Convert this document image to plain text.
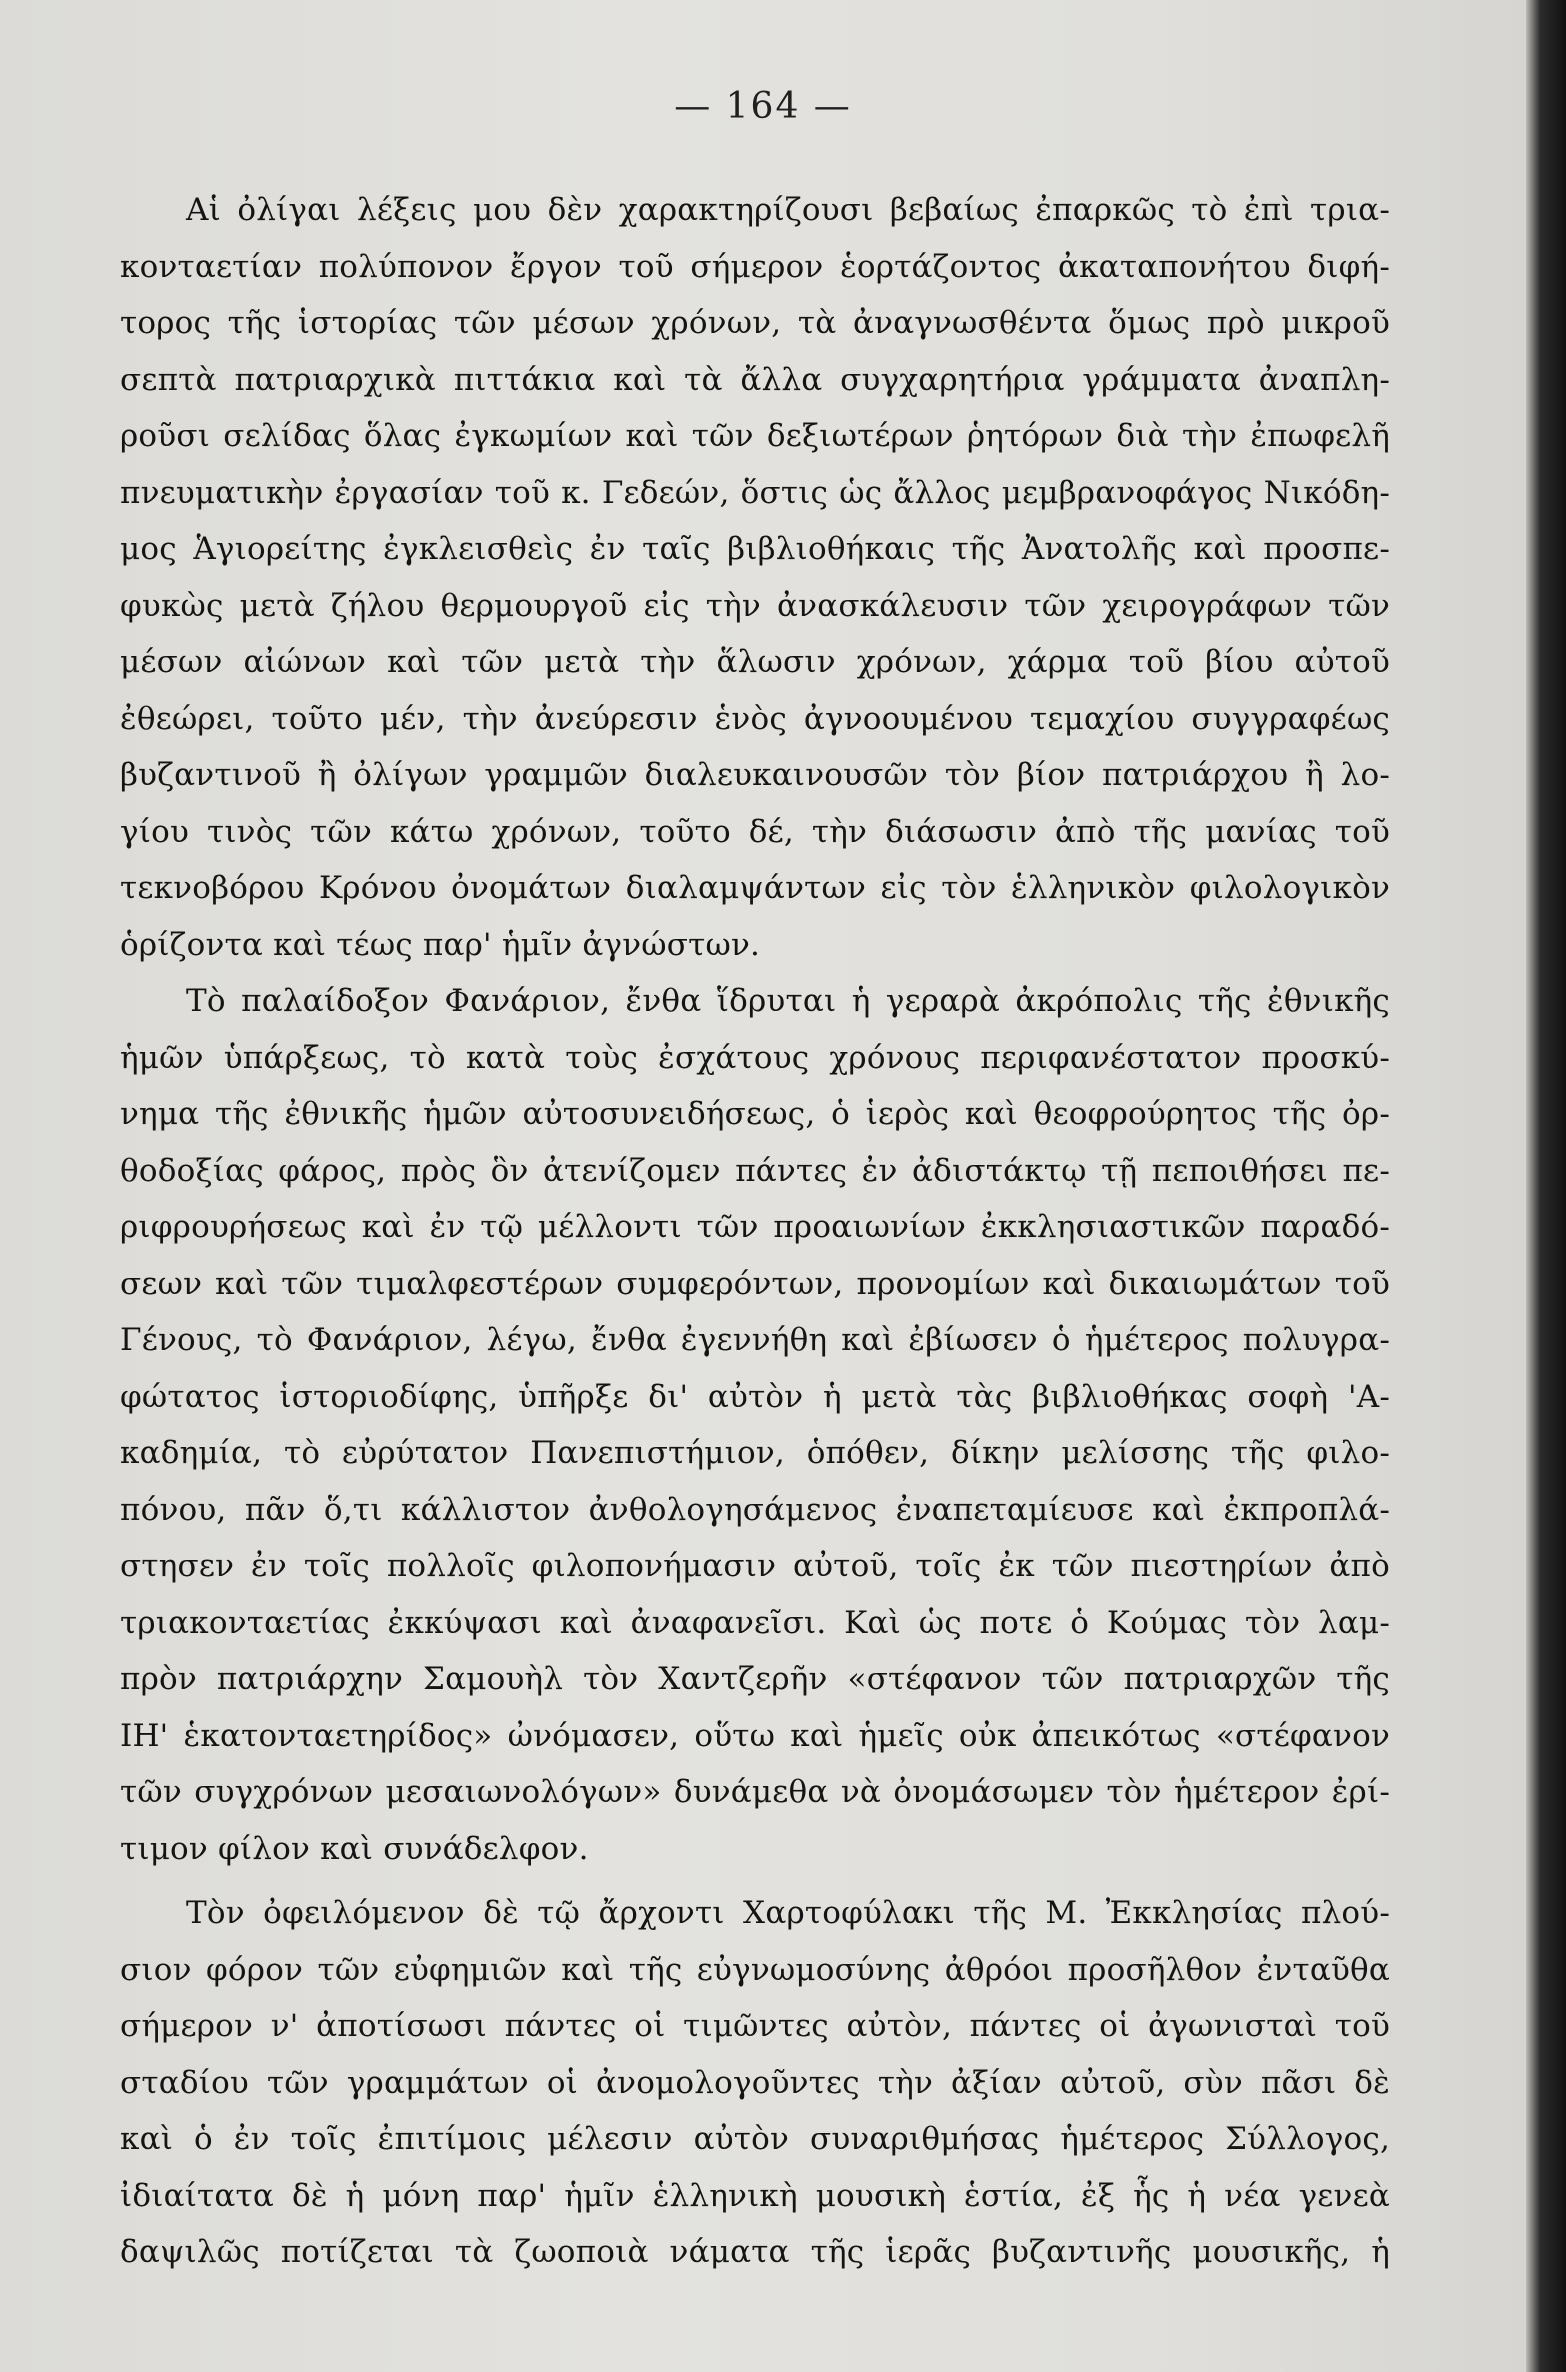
— 164 —
Αἱ ὀλίγαι λέξεις μου δὲν χαρακτηρίζουσι βεβαίως ἐπαρκῶς τὸ ἐπὶ τρια-
κονταετίαν πολύπονον ἔργον τοῦ σήμερον ἑορτάζοντος ἀκαταπονήτου διφή-
τορος τῆς ἱστορίας τῶν μέσων χρόνων, τὰ ἀναγνωσθέντα ὅμως πρὸ μικροῦ
σεπτὰ πατριαρχικὰ πιττάκια καὶ τὰ ἄλλα συγχαρητήρια γράμματα ἀναπλη-
ροῦσι σελίδας ὅλας ἐγκωμίων καὶ τῶν δεξιωτέρων ῥητόρων διὰ τὴν ἐπωφελῆ
πνευματικὴν ἐργασίαν τοῦ κ. Γεδεών, ὅστις ὡς ἄλλος μεμβρανοφάγος Νικόδη-
μος Ἁγιορείτης ἐγκλεισθεὶς ἐν ταῖς βιβλιοθήκαις τῆς Ἀνατολῆς καὶ προσπε-
φυκὼς μετὰ ζήλου θερμουργοῦ εἰς τὴν ἀνασκάλευσιν τῶν χειρογράφων τῶν
μέσων αἰώνων καὶ τῶν μετὰ τὴν ἅλωσιν χρόνων, χάρμα τοῦ βίου αὐτοῦ
ἐθεώρει, τοῦτο μέν, τὴν ἀνεύρεσιν ἑνὸς ἀγνοουμένου τεμαχίου συγγραφέως
βυζαντινοῦ ἢ ὀλίγων γραμμῶν διαλευκαινουσῶν τὸν βίον πατριάρχου ἢ λο-
γίου τινὸς τῶν κάτω χρόνων, τοῦτο δέ, τὴν διάσωσιν ἀπὸ τῆς μανίας τοῦ
τεκνοβόρου Κρόνου ὀνομάτων διαλαμψάντων εἰς τὸν ἑλληνικὸν φιλολογικὸν
ὁρίζοντα καὶ τέως παρ' ἡμῖν ἀγνώστων.
Τὸ παλαίδοξον Φανάριον, ἔνθα ἵδρυται ἡ γεραρὰ ἀκρόπολις τῆς ἐθνικῆς
ἡμῶν ὑπάρξεως, τὸ κατὰ τοὺς ἐσχάτους χρόνους περιφανέστατον προσκύ-
νημα τῆς ἐθνικῆς ἡμῶν αὐτοσυνειδήσεως, ὁ ἱερὸς καὶ θεοφρούρητος τῆς ὀρ-
θοδοξίας φάρος, πρὸς ὃν ἀτενίζομεν πάντες ἐν ἀδιστάκτῳ τῇ πεποιθήσει πε-
ριφρουρήσεως καὶ ἐν τῷ μέλλοντι τῶν προαιωνίων ἐκκλησιαστικῶν παραδό-
σεων καὶ τῶν τιμαλφεστέρων συμφερόντων, προνομίων καὶ δικαιωμάτων τοῦ
Γένους, τὸ Φανάριον, λέγω, ἔνθα ἐγεννήθη καὶ ἐβίωσεν ὁ ἡμέτερος πολυγρα-
φώτατος ἱστοριοδίφης, ὑπῆρξε δι' αὐτὸν ἡ μετὰ τὰς βιβλιοθήκας σοφὴ 'Α-
καδημία, τὸ εὐρύτατον Πανεπιστήμιον, ὁπόθεν, δίκην μελίσσης τῆς φιλο-
πόνου, πᾶν ὅ,τι κάλλιστον ἀνθολογησάμενος ἐναπεταμίευσε καὶ ἐκπροπλά-
στησεν ἐν τοῖς πολλοῖς φιλοπονήμασιν αὐτοῦ, τοῖς ἐκ τῶν πιεστηρίων ἀπὸ
τριακονταετίας ἐκκύψασι καὶ ἀναφανεῖσι. Καὶ ὡς ποτε ὁ Κούμας τὸν λαμ-
πρὸν πατριάρχην Σαμουὴλ τὸν Χαντζερῆν «στέφανον τῶν πατριαρχῶν τῆς
ΙΗ' ἑκατονταετηρίδος» ὠνόμασεν, οὕτω καὶ ἡμεῖς οὐκ ἀπεικότως «στέφανον
τῶν συγχρόνων μεσαιωνολόγων» δυνάμεθα νὰ ὀνομάσωμεν τὸν ἡμέτερον ἐρί-
τιμον φίλον καὶ συνάδελφον.
Τὸν ὀφειλόμενον δὲ τῷ ἄρχοντι Χαρτοφύλακι τῆς Μ. Ἐκκλησίας πλού-
σιον φόρον τῶν εὐφημιῶν καὶ τῆς εὐγνωμοσύνης ἀθρόοι προσῆλθον ἐνταῦθα
σήμερον ν' ἀποτίσωσι πάντες οἱ τιμῶντες αὐτὸν, πάντες οἱ ἀγωνισταὶ τοῦ
σταδίου τῶν γραμμάτων οἱ ἀνομολογοῦντες τὴν ἀξίαν αὐτοῦ, σὺν πᾶσι δὲ
καὶ ὁ ἐν τοῖς ἐπιτίμοις μέλεσιν αὐτὸν συναριθμήσας ἡμέτερος Σύλλογος,
ἰδιαίτατα δὲ ἡ μόνη παρ' ἡμῖν ἑλληνικὴ μουσικὴ ἑστία, ἐξ ἧς ἡ νέα γενεὰ
δαψιλῶς ποτίζεται τὰ ζωοποιὰ νάματα τῆς ἱερᾶς βυζαντινῆς μουσικῆς, ἡ
